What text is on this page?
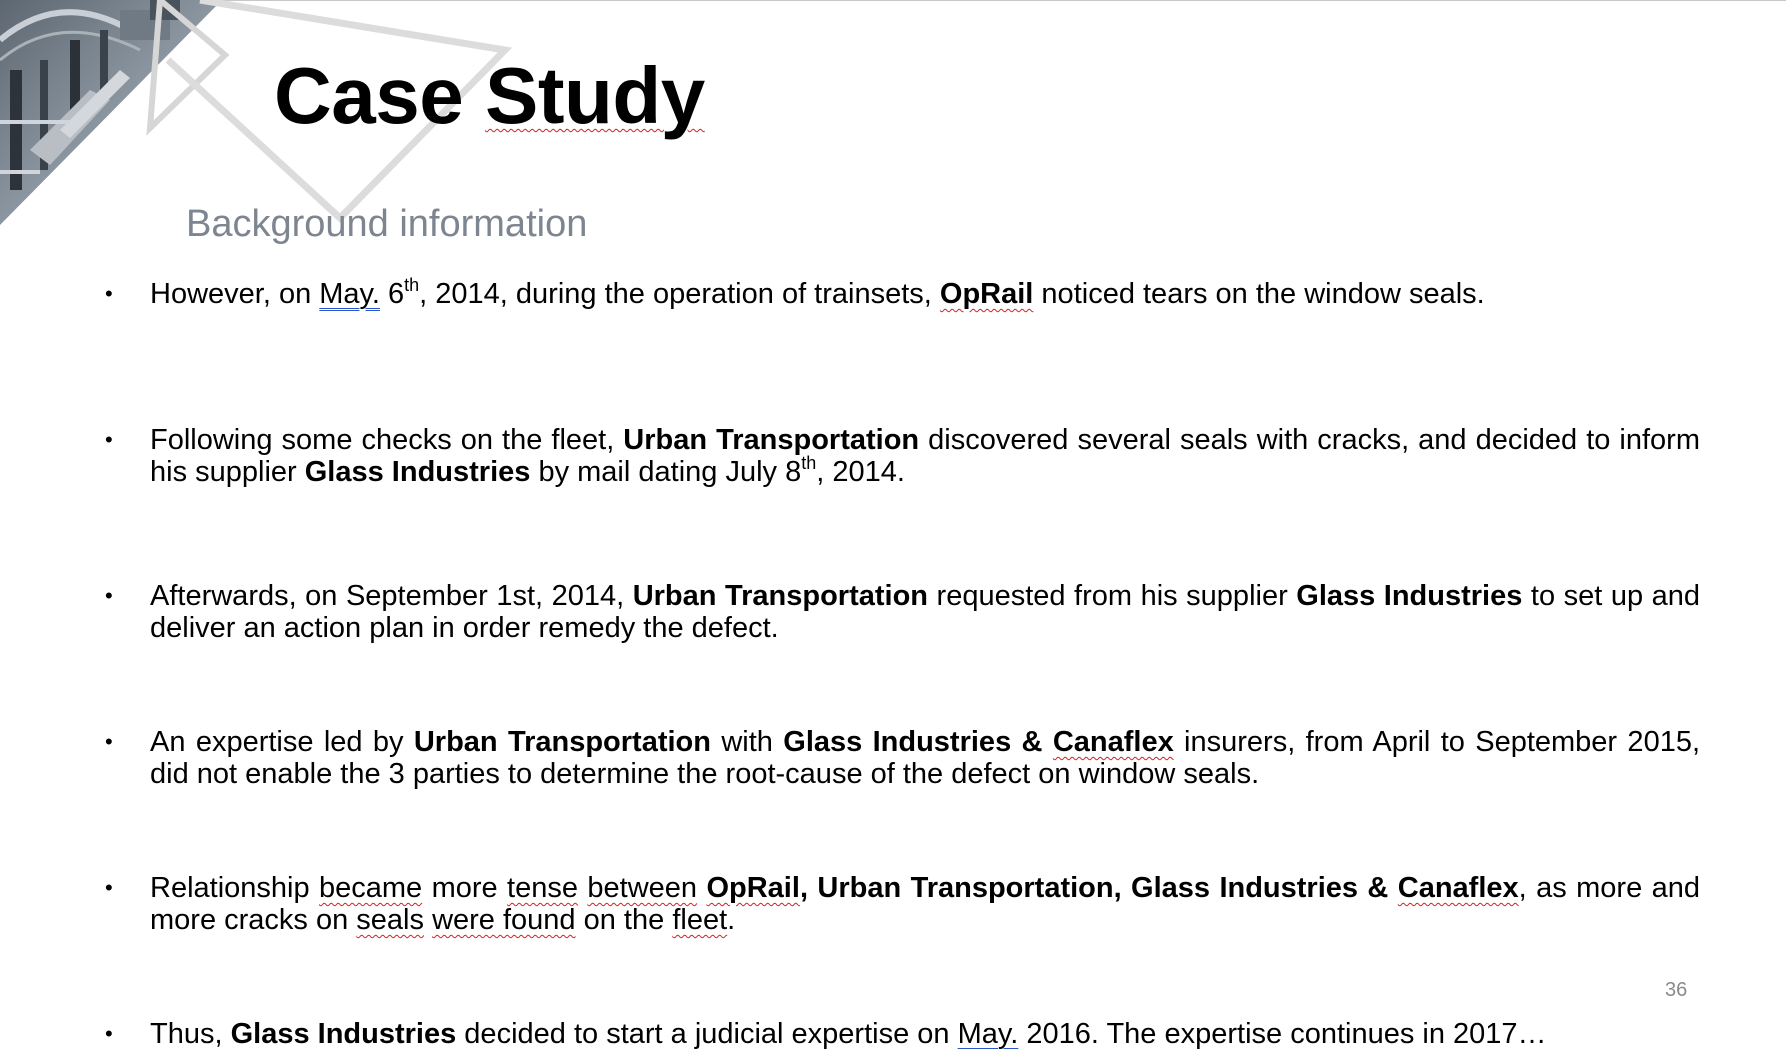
Case Study
Background information
•	However, on May. 6th, 2014, during the operation of trainsets, OpRail noticed tears on the window seals.
•	Following some checks on the fleet, Urban Transportation discovered several seals with cracks, and decided to inform his supplier Glass Industries by mail dating July 8th, 2014.
•	Afterwards, on September 1st, 2014, Urban Transportation requested from his supplier Glass Industries to set up and deliver an action plan in order remedy the defect.
•	An expertise led by Urban Transportation with Glass Industries & Canaflex insurers, from April to September 2015, did not enable the 3 parties to determine the root-cause of the defect on window seals.
•	Relationship became more tense between OpRail, Urban Transportation, Glass Industries & Canaflex, as more and more cracks on seals were found on the fleet.
•	Thus, Glass Industries decided to start a judicial expertise on May. 2016. The expertise continues in 2017…
36
